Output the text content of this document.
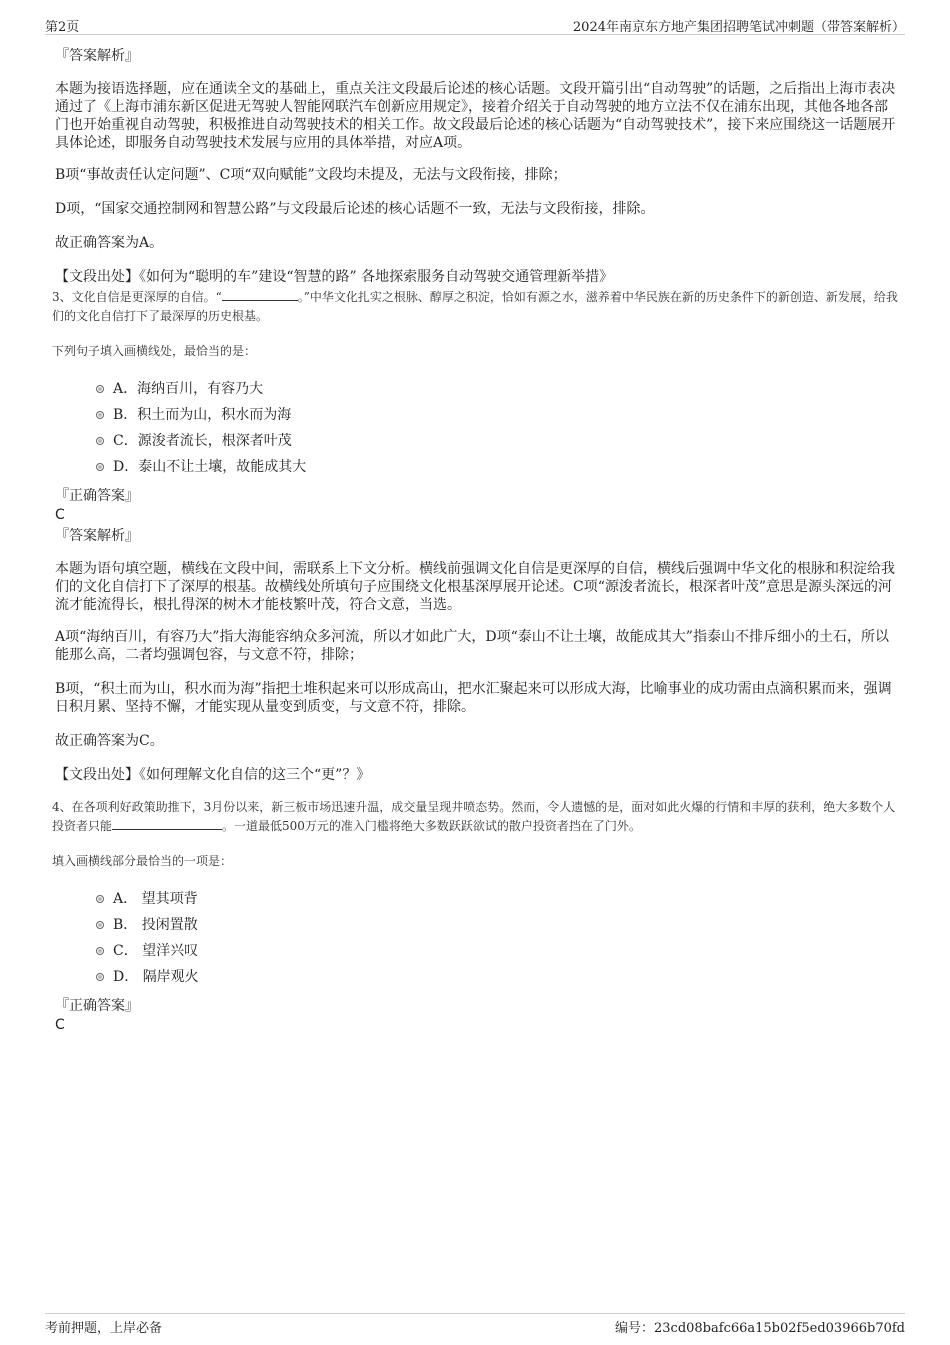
第2页	2024年南京东方地产集团招聘笔试冲刺题（带答案解析）
『答案解析』

本题为接语选择题，应在通读全文的基础上，重点关注文段最后论述的核心话题。文段开篇引出“自动驾驶”的话题，之后指出上海市表决通过了《上海市浦东新区促进无驾驶人智能网联汽车创新应用规定》，接着介绍关于自动驾驶的地方立法不仅在浦东出现，其他各地各部门也开始重视自动驾驶，积极推进自动驾驶技术的相关工作。故文段最后论述的核心话题为“自动驾驶技术”，接下来应围绕这一话题展开具体论述，即服务自动驾驶技术发展与应用的具体举措，对应A项。

B项“事故责任认定问题”、C项“双向赋能”文段均未提及，无法与文段衔接，排除；

D项，“国家交通控制网和智慧公路”与文段最后论述的核心话题不一致，无法与文段衔接，排除。

故正确答案为A。

【文段出处】《如何为“聪明的车”建设“智慧的路” 各地探索服务自动驾驶交通管理新举措》

3、文化自信是更深厚的自信。“	。”中华文化扎实之根脉、醇厚之积淀，恰如有源之水，滋养着中华民族在新的历史条件下的新创造、新发展，给我们的文化自信打下了最深厚的历史根基。

下列句子填入画横线处，最恰当的是：

A．海纳百川，有容乃大
B．积土而为山，积水而为海
C．源浚者流长，根深者叶茂
D．泰山不让土壤，故能成其大
『正确答案』
C
『答案解析』

本题为语句填空题，横线在文段中间，需联系上下文分析。横线前强调文化自信是更深厚的自信，横线后强调中华文化的根脉和积淀给我们的文化自信打下了深厚的根基。故横线处所填句子应围绕文化根基深厚展开论述。C项“源浚者流长，根深者叶茂”意思是源头深远的河流才能流得长，根扎得深的树木才能枝繁叶茂，符合文意，当选。

A项“海纳百川，有容乃大”指大海能容纳众多河流，所以才如此广大，D项“泰山不让土壤，故能成其大”指泰山不排斥细小的土石，所以能那么高，二者均强调包容，与文意不符，排除；

B项，“积土而为山，积水而为海”指把土堆积起来可以形成高山，把水汇聚起来可以形成大海，比喻事业的成功需由点滴积累而来，强调日积月累、坚持不懈，才能实现从量变到质变，与文意不符，排除。

故正确答案为C。

【文段出处】《如何理解文化自信的这三个“更”？》

4、在各项利好政策助推下，3月份以来，新三板市场迅速升温，成交量呈现井喷态势。然而，令人遗憾的是，面对如此火爆的行情和丰厚的获利，绝大多数个人投资者只能	。一道最低500万元的准入门槛将绝大多数跃跃欲试的散户投资者挡在了门外。

填入画横线部分最恰当的一项是：

A． 望其项背
B． 投闲置散
C． 望洋兴叹
D． 隔岸观火
『正确答案』
C
考前押题，上岸必备	编号：23cd08bafc66a15b02f5ed03966b70fd
